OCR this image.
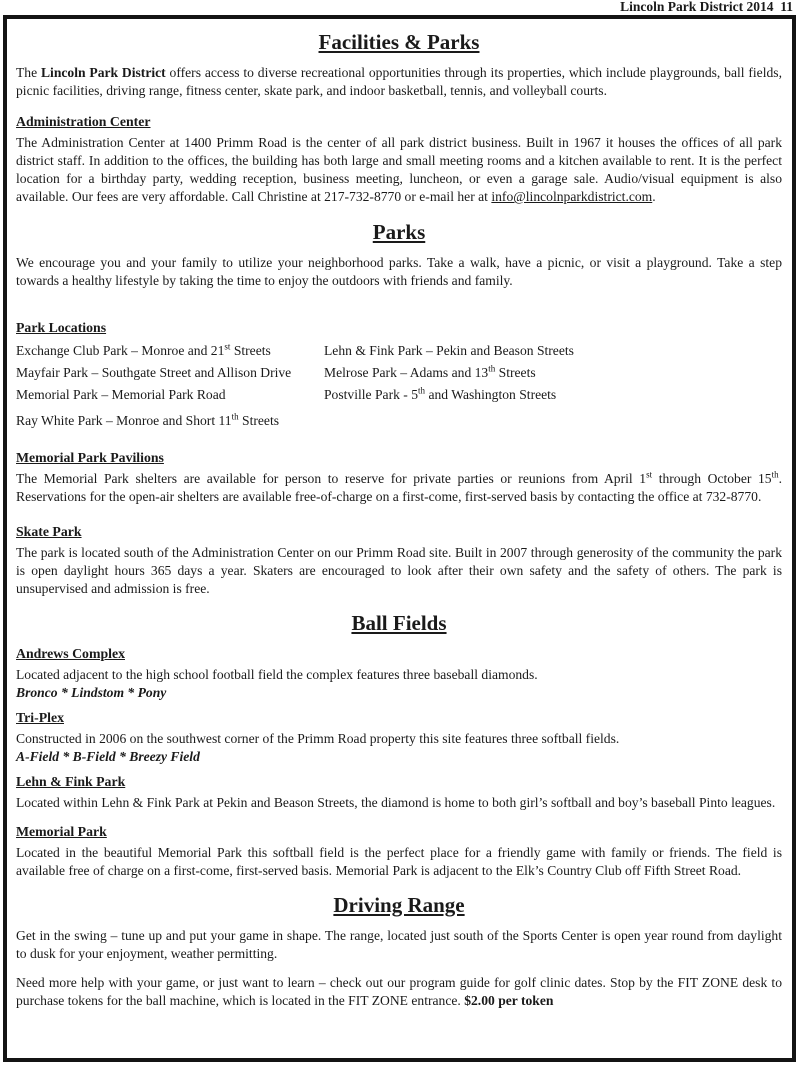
Lincoln Park District 2014  11
Facilities & Parks

The Lincoln Park District offers access to diverse recreational opportunities through its properties, which include playgrounds, ball fields, picnic facilities, driving range, fitness center, skate park, and indoor basketball, tennis, and volleyball courts.

Administration Center

The Administration Center at 1400 Primm Road is the center of all park district business. Built in 1967 it houses the offices of all park district staff. In addition to the offices, the building has both large and small meeting rooms and a kitchen available to rent. It is the perfect location for a birthday party, wedding reception, business meeting, luncheon, or even a garage sale. Audio/visual equipment is also available. Our fees are very affordable. Call Christine at 217-732-8770 or e-mail her at info@lincolnparkdistrict.com.

Parks

We encourage you and your family to utilize your neighborhood parks. Take a walk, have a picnic, or visit a playground. Take a step towards a healthy lifestyle by taking the time to enjoy the outdoors with friends and family.

Park Locations
Exchange Club Park – Monroe and 21st Streets
Mayfair Park – Southgate Street and Allison Drive
Memorial Park – Memorial Park Road
Ray White Park – Monroe and Short 11th Streets
Lehn & Fink Park – Pekin and Beason Streets
Melrose Park – Adams and 13th Streets
Postville Park - 5th and Washington Streets
Memorial Park Pavilions

The Memorial Park shelters are available for person to reserve for private parties or reunions from April 1st through October 15th. Reservations for the open-air shelters are available free-of-charge on a first-come, first-served basis by contacting the office at 732-8770.

Skate Park

The park is located south of the Administration Center on our Primm Road site. Built in 2007 through generosity of the community the park is open daylight hours 365 days a year. Skaters are encouraged to look after their own safety and the safety of others. The park is unsupervised and admission is free.

Ball Fields
Andrews Complex

Located adjacent to the high school football field the complex features three baseball diamonds.

Bronco * Lindstom * Pony

Tri-Plex

Constructed in 2006 on the southwest corner of the Primm Road property this site features three softball fields.

A-Field * B-Field * Breezy Field

Lehn & Fink Park

Located within Lehn & Fink Park at Pekin and Beason Streets, the diamond is home to both girl’s softball and boy’s baseball Pinto leagues.

Memorial Park

Located in the beautiful Memorial Park this softball field is the perfect place for a friendly game with family or friends. The field is available free of charge on a first-come, first-served basis. Memorial Park is adjacent to the Elk’s Country Club off Fifth Street Road.

Driving Range

Get in the swing – tune up and put your game in shape. The range, located just south of the Sports Center is open year round from daylight to dusk for your enjoyment, weather permitting.

Need more help with your game, or just want to learn – check out our program guide for golf clinic dates. Stop by the FIT ZONE desk to purchase tokens for the ball machine, which is located in the FIT ZONE entrance. $2.00 per token
